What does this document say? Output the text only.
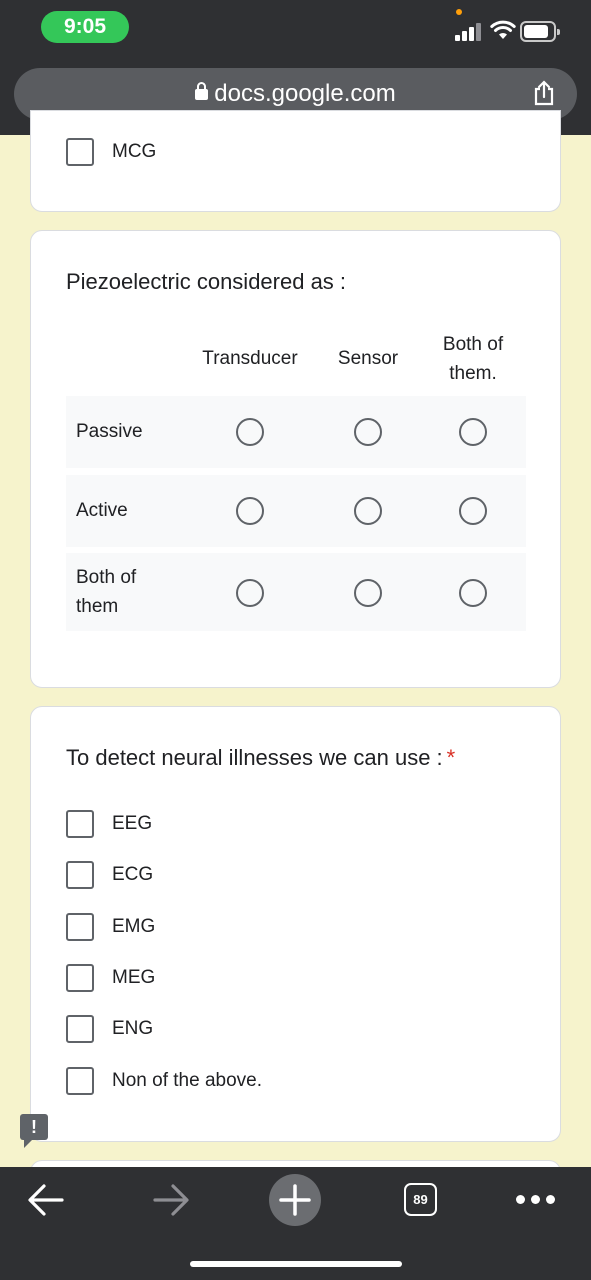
9:05
docs.google.com
MCG
Piezoelectric considered as :
Transducer	Sensor
Both of them.
Passive
Active
Both of them
To detect neural illnesses we can use : *
EEG
ECG
EMG
MEG
ENG
Non of the above.
!
89
